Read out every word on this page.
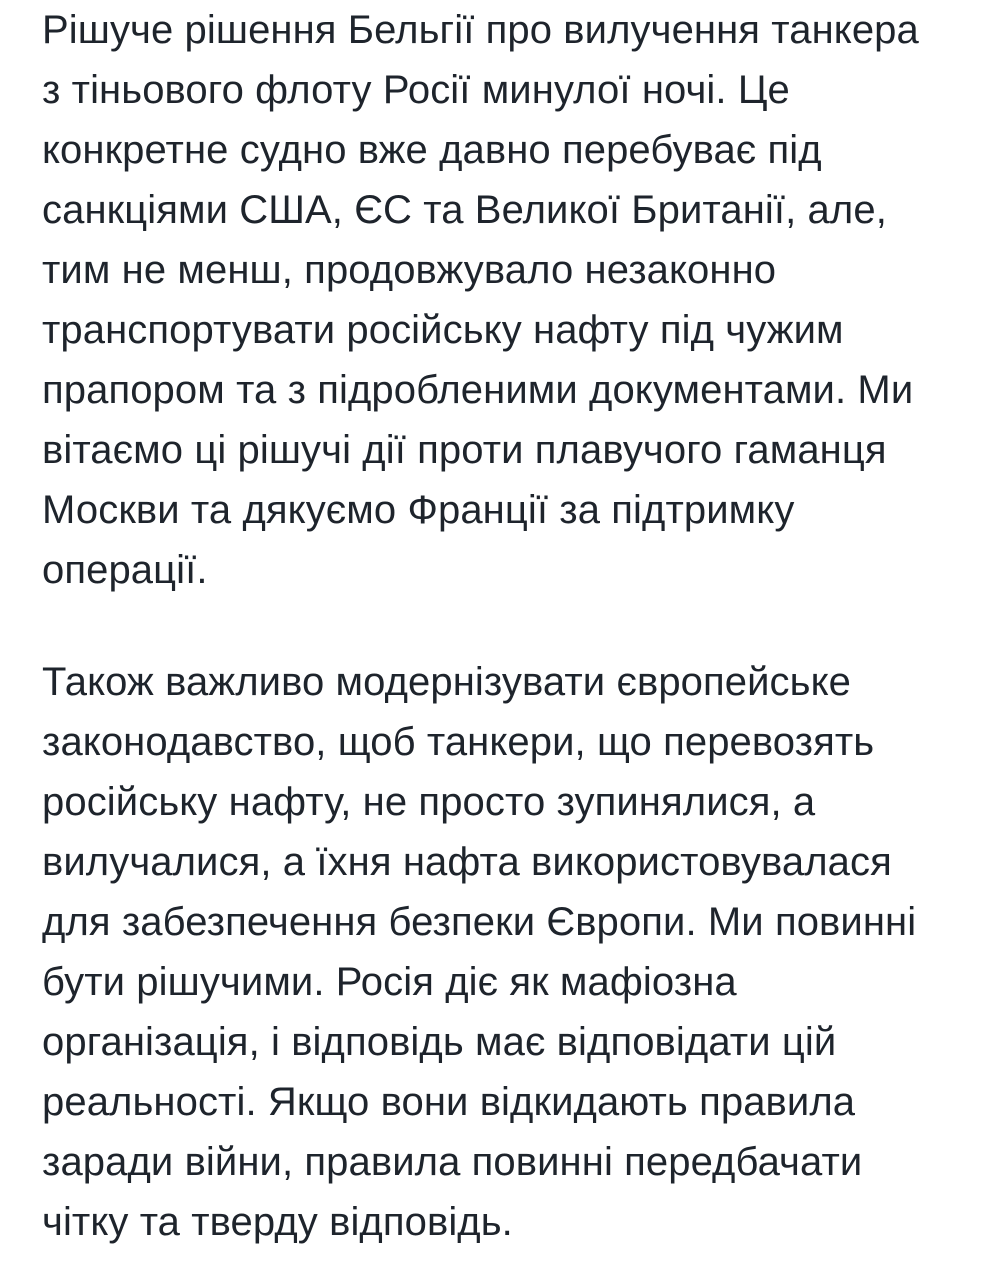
Рішуче рішення Бельгії про вилучення танкера
з тіньового флоту Росії минулої ночі. Це
конкретне судно вже давно перебуває під
санкціями США, ЄС та Великої Британії, але,
тим не менш, продовжувало незаконно
транспортувати російську нафту під чужим
прапором та з підробленими документами. Ми
вітаємо ці рішучі дії проти плавучого гаманця
Москви та дякуємо Франції за підтримку
операції.
Також важливо модернізувати європейське
законодавство, щоб танкери, що перевозять
російську нафту, не просто зупинялися, а
вилучалися, а їхня нафта використовувалася
для забезпечення безпеки Європи. Ми повинні
бути рішучими. Росія діє як мафіозна
організація, і відповідь має відповідати цій
реальності. Якщо вони відкидають правила
заради війни, правила повинні передбачати
чітку та тверду відповідь.
